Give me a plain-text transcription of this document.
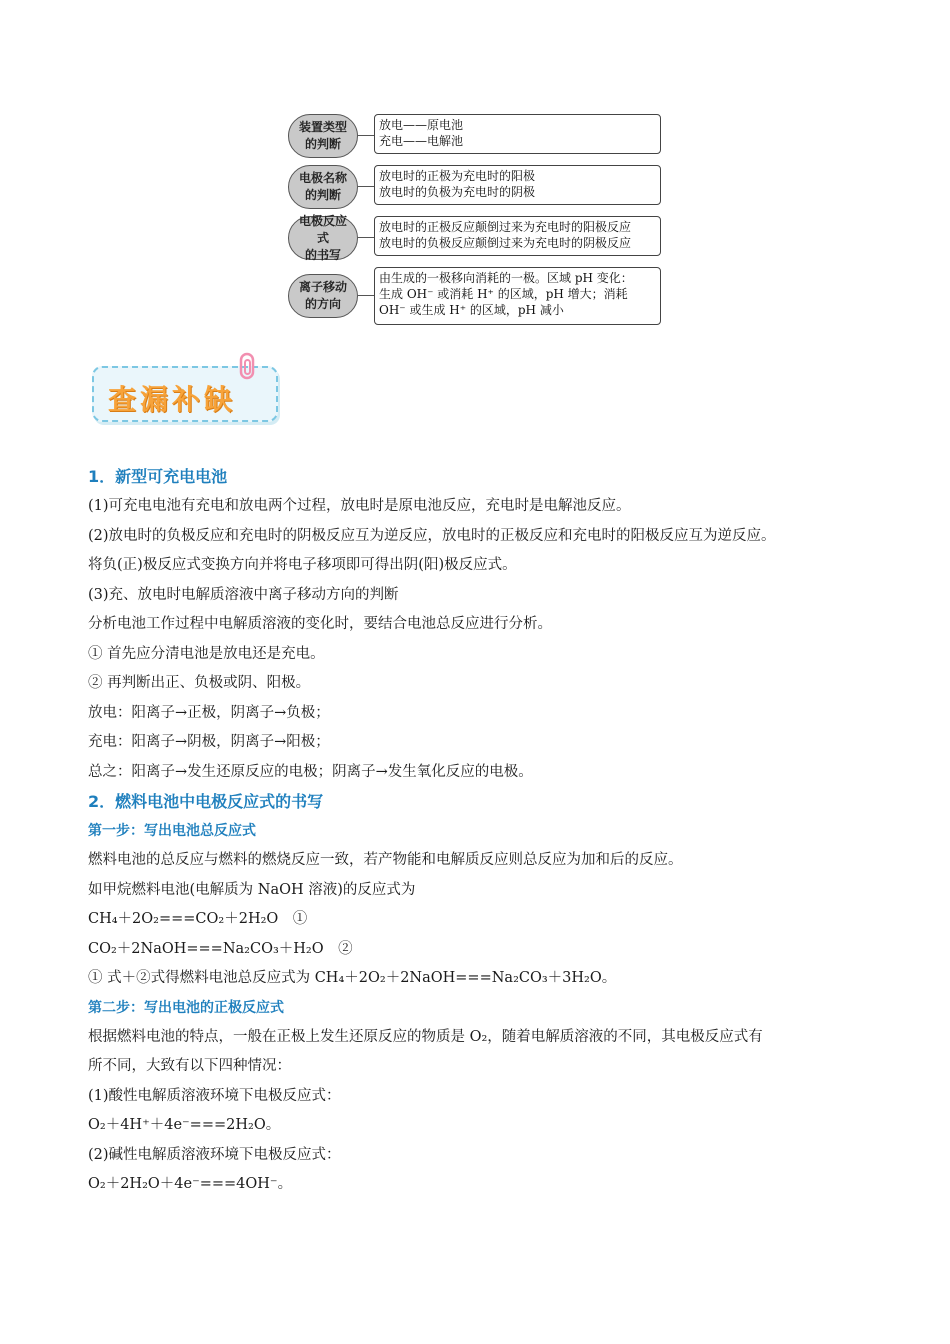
装置类型
的判断
放电——原电池
充电——电解池
电极名称
的判断
放电时的正极为充电时的阳极
放电时的负极为充电时的阴极
电极反应式
的书写
放电时的正极反应颠倒过来为充电时的阳极反应
放电时的负极反应颠倒过来为充电时的阴极反应
离子移动
的方向
由生成的一极移向消耗的一极。区域 pH 变化：
生成 OH⁻ 或消耗 H⁺ 的区域，pH 增大；消耗
OH⁻ 或生成 H⁺ 的区域，pH 减小
查漏补缺
1．新型可充电电池
(1)可充电电池有充电和放电两个过程，放电时是原电池反应，充电时是电解池反应。
(2)放电时的负极反应和充电时的阴极反应互为逆反应，放电时的正极反应和充电时的阳极反应互为逆反应。
将负(正)极反应式变换方向并将电子移项即可得出阴(阳)极反应式。
(3)充、放电时电解质溶液中离子移动方向的判断
分析电池工作过程中电解质溶液的变化时，要结合电池总反应进行分析。
① 首先应分清电池是放电还是充电。
② 再判断出正、负极或阴、阳极。
放电：阳离子→正极，阴离子→负极；
充电：阳离子→阴极，阴离子→阳极；
总之：阳离子→发生还原反应的电极；阴离子→发生氧化反应的电极。
2．燃料电池中电极反应式的书写
第一步：写出电池总反应式
燃料电池的总反应与燃料的燃烧反应一致，若产物能和电解质反应则总反应为加和后的反应。
如甲烷燃料电池(电解质为 NaOH 溶液)的反应式为
CH₄＋2O₂===CO₂＋2H₂O　①
CO₂＋2NaOH===Na₂CO₃＋H₂O　②
① 式＋②式得燃料电池总反应式为 CH₄＋2O₂＋2NaOH===Na₂CO₃＋3H₂O。
第二步：写出电池的正极反应式
根据燃料电池的特点，一般在正极上发生还原反应的物质是 O₂，随着电解质溶液的不同，其电极反应式有
所不同，大致有以下四种情况：
(1)酸性电解质溶液环境下电极反应式：
O₂＋4H⁺＋4e⁻===2H₂O。
(2)碱性电解质溶液环境下电极反应式：
O₂＋2H₂O＋4e⁻===4OH⁻。
